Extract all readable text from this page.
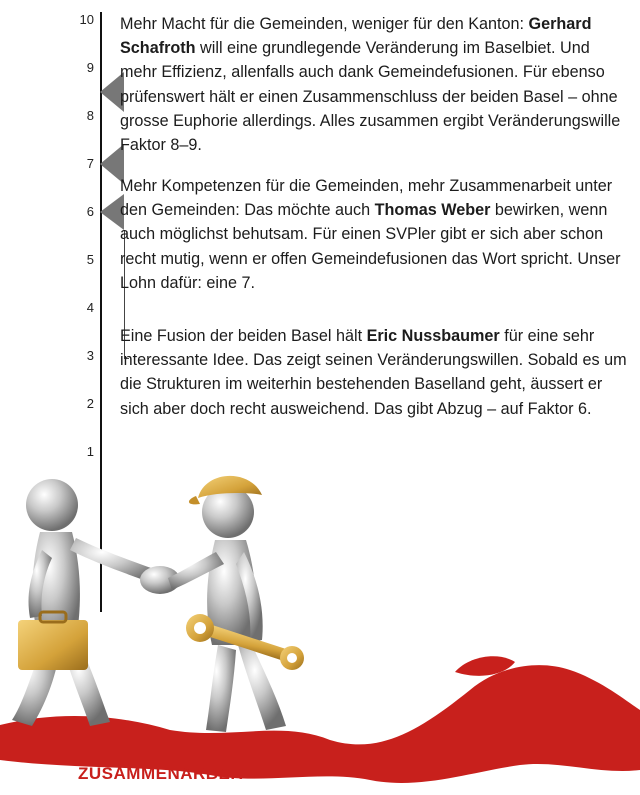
10
9
8
7
6
5
4
3
2
1
Mehr Macht für die Gemeinden, weniger für den Kanton: Gerhard Schafroth will eine grundlegende Veränderung im Baselbiet. Und mehr Effizienz, allenfalls auch dank Gemeindefusionen. Für ebenso prüfenswert hält er einen Zusammenschluss der beiden Basel – ohne grosse Euphorie allerdings. Alles zusammen ergibt Veränderungswille Faktor 8–9.
Mehr Kompetenzen für die Gemeinden, mehr Zusammenarbeit unter den Gemeinden: Das möchte auch Thomas Weber bewirken, wenn auch möglichst behutsam. Für einen SVPler gibt er sich aber schon recht mutig, wenn er offen Gemeindefusionen das Wort spricht. Unser Lohn dafür: eine 7.
Eine Fusion der beiden Basel hält Eric Nussbaumer für eine sehr interessante Idee. Das zeigt seinen Veränderungswillen. Sobald es um die Strukturen im weiterhin bestehenden Baselland geht, äussert er sich aber doch recht ausweichend. Das gibt Abzug – auf Faktor 6.
ZUSAMMENARBEIT
